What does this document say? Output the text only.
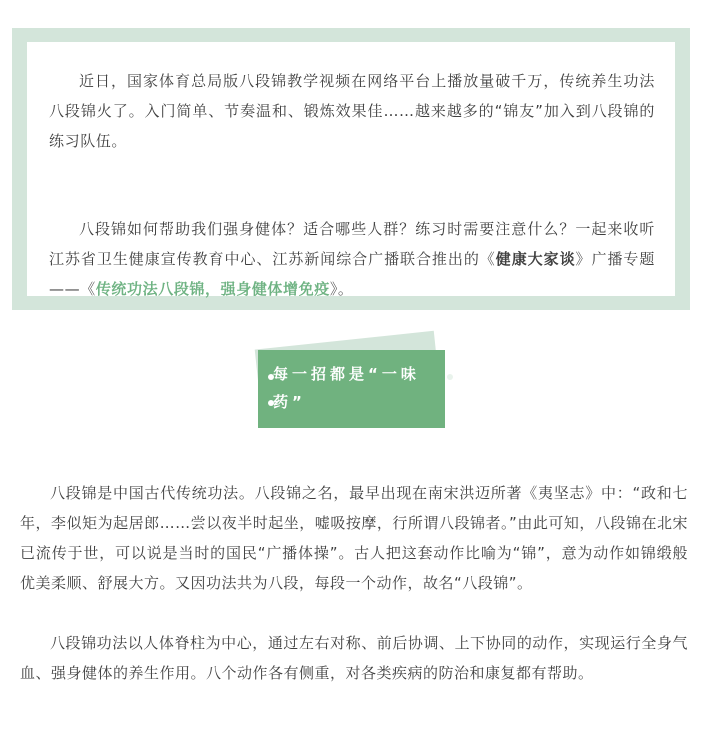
近日，国家体育总局版八段锦教学视频在网络平台上播放量破千万，传统养生功法八段锦火了。入门简单、节奏温和、锻炼效果佳……越来越多的“锦友”加入到八段锦的练习队伍。

八段锦如何帮助我们强身健体？适合哪些人群？练习时需要注意什么？一起来收听江苏省卫生健康宣传教育中心、江苏新闻综合广播联合推出的《健康大家谈》广播专题——《传统功法八段锦，强身健体增免疫》。

每一招都是“一味
药”

八段锦是中国古代传统功法。八段锦之名，最早出现在南宋洪迈所著《夷坚志》中：“政和七年，李似矩为起居郎……尝以夜半时起坐，嘘吸按摩，行所谓八段锦者。”由此可知，八段锦在北宋已流传于世，可以说是当时的国民“广播体操”。古人把这套动作比喻为“锦”，意为动作如锦缎般优美柔顺、舒展大方。又因功法共为八段，每段一个动作，故名“八段锦”。

八段锦功法以人体脊柱为中心，通过左右对称、前后协调、上下协同的动作，实现运行全身气血、强身健体的养生作用。八个动作各有侧重，对各类疾病的防治和康复都有帮助。
